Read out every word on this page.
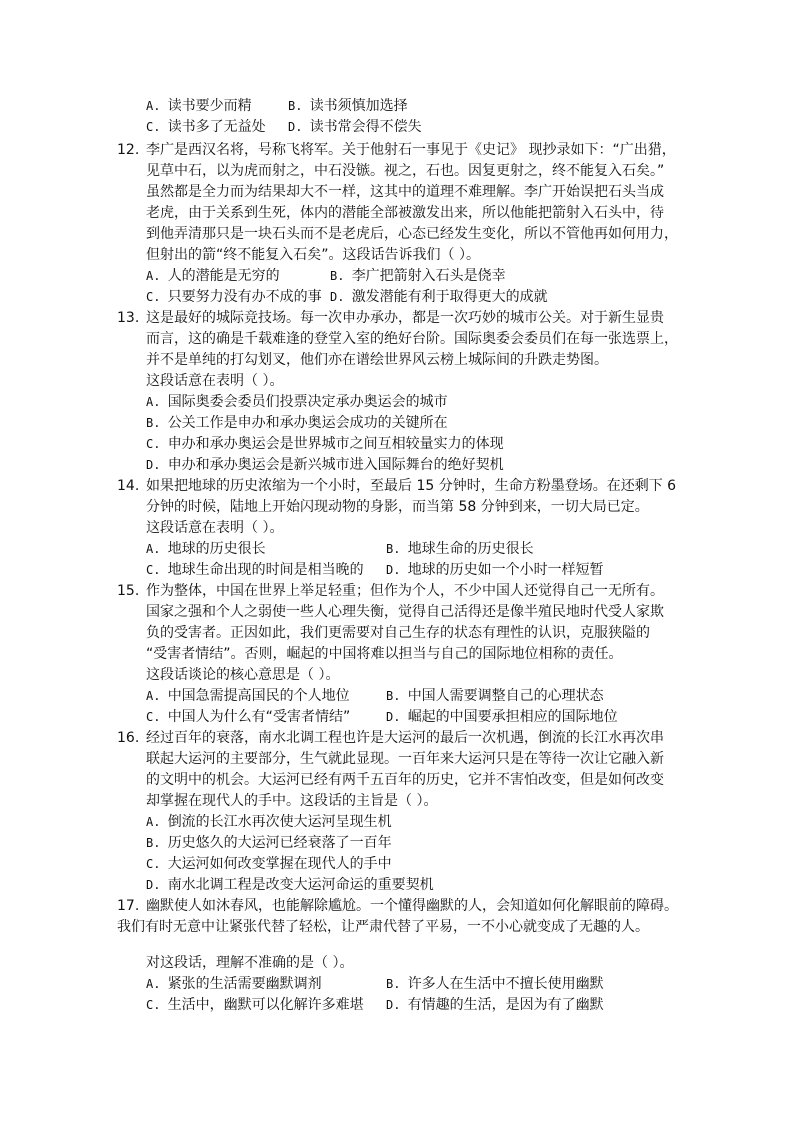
A. 读书要少而精	B. 读书须慎加选择
C. 读书多了无益处 D. 读书常会得不偿失
12. 李广是西汉名将，号称飞将军。关于他射石一事见于《史记》 现抄录如下：“广出猎，
见草中石，以为虎而射之，中石没镞。视之，石也。因复更射之，终不能复入石矣。”
虽然都是全力而为结果却大不一样，这其中的道理不难理解。李广开始误把石头当成
老虎，由于关系到生死，体内的潜能全部被激发出来，所以他能把箭射入石头中，待
到他弄清那只是一块石头而不是老虎后，心态已经发生变化，所以不管他再如何用力，
但射出的箭“终不能复入石矣”。这段话告诉我们（ ）。
A. 人的潜能是无穷的	B. 李广把箭射入石头是侥幸
C. 只要努力没有办不成的事 D. 激发潜能有利于取得更大的成就
13. 这是最好的城际竞技场。每一次申办承办，都是一次巧妙的城市公关。对于新生显贵
而言，这的确是千载难逢的登堂入室的绝好台阶。国际奥委会委员们在每一张选票上，
并不是单纯的打勾划叉，他们亦在谱绘世界风云榜上城际间的升跌走势图。
这段话意在表明（ ）。
A. 国际奥委会委员们投票决定承办奥运会的城市
B. 公关工作是申办和承办奥运会成功的关键所在
C. 申办和承办奥运会是世界城市之间互相较量实力的体现
D. 申办和承办奥运会是新兴城市进入国际舞台的绝好契机
14. 如果把地球的历史浓缩为一个小时，至最后 15 分钟时，生命方粉墨登场。在还剩下 6
分钟的时候，陆地上开始闪现动物的身影，而当第 58 分钟到来，一切大局已定。
这段话意在表明（ ）。
A. 地球的历史很长	B. 地球生命的历史很长
C. 地球生命出现的时间是相当晚的 D. 地球的历史如一个小时一样短暂
15. 作为整体，中国在世界上举足轻重；但作为个人，不少中国人还觉得自己一无所有。
国家之强和个人之弱使一些人心理失衡，觉得自己活得还是像半殖民地时代受人家欺
负的受害者。正因如此，我们更需要对自己生存的状态有理性的认识，克服狭隘的
“受害者情结”。否则，崛起的中国将难以担当与自己的国际地位相称的责任。
这段话谈论的核心意思是（ ）。
A. 中国急需提高国民的个人地位	B. 中国人需要调整自己的心理状态
C. 中国人为什么有“受害者情结”	D. 崛起的中国要承担相应的国际地位
16. 经过百年的衰落，南水北调工程也许是大运河的最后一次机遇，倒流的长江水再次串
联起大运河的主要部分，生气就此显现。一百年来大运河只是在等待一次让它融入新
的文明中的机会。大运河已经有两千五百年的历史，它并不害怕改变，但是如何改变
却掌握在现代人的手中。这段话的主旨是（ ）。
A. 倒流的长江水再次使大运河呈现生机
B. 历史悠久的大运河已经衰落了一百年
C. 大运河如何改变掌握在现代人的手中
D. 南水北调工程是改变大运河命运的重要契机
17. 幽默使人如沐春风，也能解除尴尬。一个懂得幽默的人，会知道如何化解眼前的障碍。
我们有时无意中让紧张代替了轻松，让严肃代替了平易，一不小心就变成了无趣的人。
对这段话，理解不准确的是（ ）。
A. 紧张的生活需要幽默调剂	B. 许多人在生活中不擅长使用幽默
C. 生活中，幽默可以化解许多难堪 D. 有情趣的生活，是因为有了幽默
